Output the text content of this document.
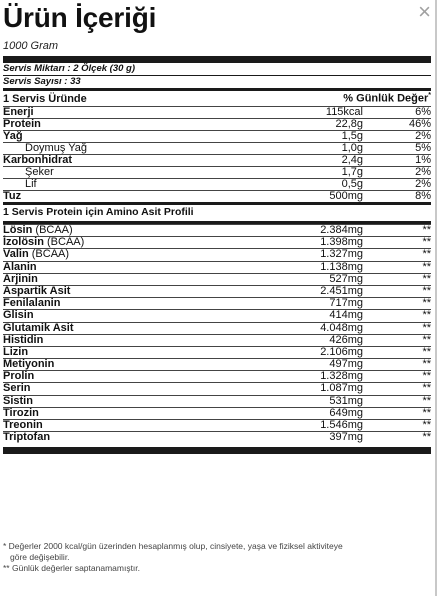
×
Ürün İçeriği
1000 Gram
Servis Miktarı : 2 Ölçek (30 g)
Servis Sayısı : 33
1 Servis Üründe	% Günlük Değer*
Enerji	115kcal	6%
Protein	22,8g	46%
Yağ	1,5g	2%
Doymuş Yağ	1,0g	5%
Karbonhidrat	2,4g	1%
Şeker	1,7g	2%
Lif	0,5g	2%
Tuz	500mg	8%
1 Servis Protein için Amino Asit Profili
Lösin (BCAA)	2.384mg	**
İzolösin (BCAA)	1.398mg	**
Valin (BCAA)	1.327mg	**
Alanin	1.138mg	**
Arjinin	527mg	**
Aspartik Asit	2.451mg	**
Fenilalanin	717mg	**
Glisin	414mg	**
Glutamik Asit	4.048mg	**
Histidin	426mg	**
Lizin	2.106mg	**
Metiyonin	497mg	**
Prolin	1.328mg	**
Serin	1.087mg	**
Sistin	531mg	**
Tirozin	649mg	**
Treonin	1.546mg	**
Triptofan	397mg	**

* Değerler 2000 kcal/gün üzerinden hesaplanmış olup, cinsiyete, yaşa ve fiziksel aktiviteye

göre değişebilir.

** Günlük değerler saptanamamıştır.
